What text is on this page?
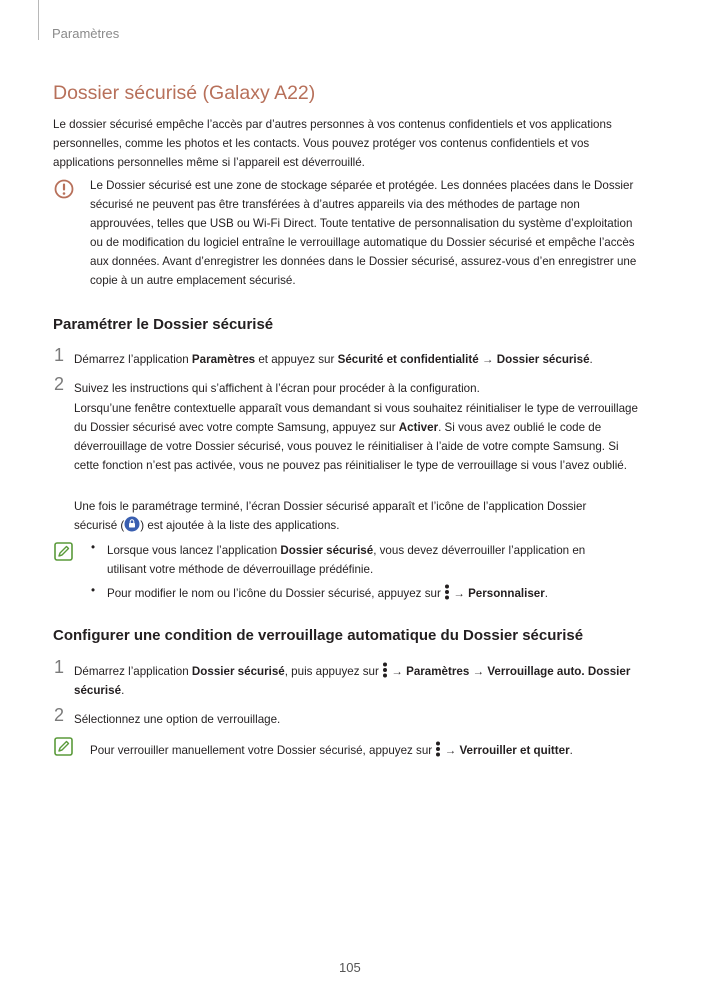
Paramètres
Dossier sécurisé (Galaxy A22)

Le dossier sécurisé empêche l’accès par d’autres personnes à vos contenus confidentiels et vos applications personnelles, comme les photos et les contacts. Vous pouvez protéger vos contenus confidentiels et vos applications personnelles même si l’appareil est déverrouillé.

Le Dossier sécurisé est une zone de stockage séparée et protégée. Les données placées dans le Dossier sécurisé ne peuvent pas être transférées à d’autres appareils via des méthodes de partage non approuvées, telles que USB ou Wi-Fi Direct. Toute tentative de personnalisation du système d’exploitation ou de modification du logiciel entraîne le verrouillage automatique du Dossier sécurisé et empêche l’accès aux données. Avant d’enregistrer les données dans le Dossier sécurisé, assurez-vous d’en enregistrer une copie à un autre emplacement sécurisé.

Paramétrer le Dossier sécurisé
1 Démarrez l’application Paramètres et appuyez sur Sécurité et confidentialité → Dossier sécurisé.

2 Suivez les instructions qui s’affichent à l’écran pour procéder à la configuration.

Lorsqu’une fenêtre contextuelle apparaît vous demandant si vous souhaitez réinitialiser le type de verrouillage du Dossier sécurisé avec votre compte Samsung, appuyez sur Activer. Si vous avez oublié le code de déverrouillage de votre Dossier sécurisé, vous pouvez le réinitialiser à l’aide de votre compte Samsung. Si cette fonction n’est pas activée, vous ne pouvez pas réinitialiser le type de verrouillage si vous l’avez oublié.

Une fois le paramétrage terminé, l’écran Dossier sécurisé apparaît et l’icône de l’application Dossier sécurisé ( ) est ajoutée à la liste des applications.

• Lorsque vous lancez l’application Dossier sécurisé, vous devez déverrouiller l’application en utilisant votre méthode de déverrouillage prédéfinie.

• Pour modifier le nom ou l’icône du Dossier sécurisé, appuyez sur  → Personnaliser.

Configurer une condition de verrouillage automatique du Dossier sécurisé
1 Démarrez l’application Dossier sécurisé, puis appuyez sur  → Paramètres → Verrouillage auto. Dossier sécurisé.

2 Sélectionnez une option de verrouillage.

Pour verrouiller manuellement votre Dossier sécurisé, appuyez sur  → Verrouiller et quitter.

105
